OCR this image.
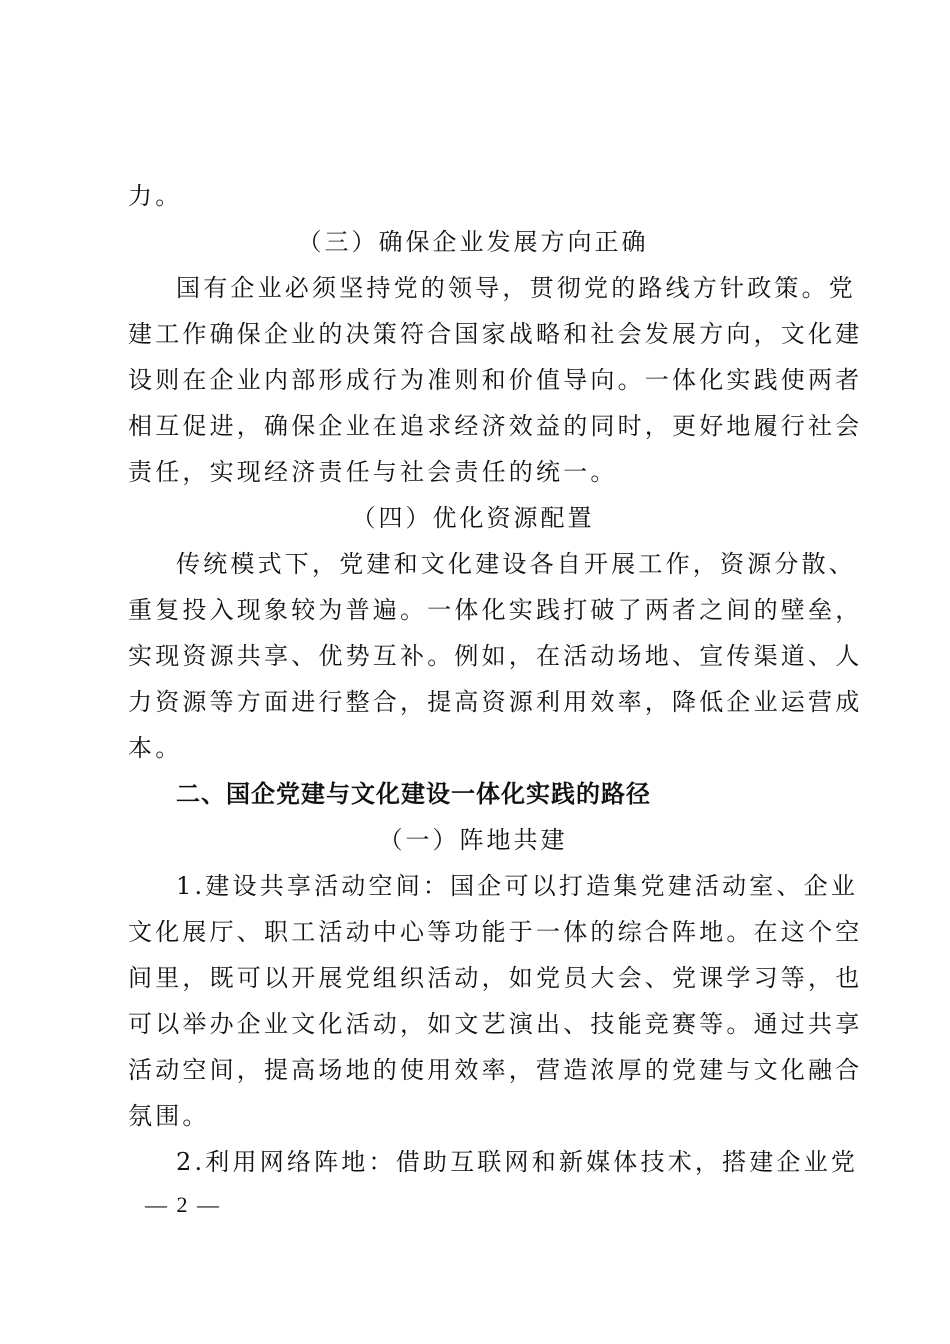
力。
（三）确保企业发展方向正确
国有企业必须坚持党的领导，贯彻党的路线方针政策。党
建工作确保企业的决策符合国家战略和社会发展方向，文化建
设则在企业内部形成行为准则和价值导向。一体化实践使两者
相互促进，确保企业在追求经济效益的同时，更好地履行社会
责任，实现经济责任与社会责任的统一。
（四）优化资源配置
传统模式下，党建和文化建设各自开展工作，资源分散、
重复投入现象较为普遍。一体化实践打破了两者之间的壁垒，
实现资源共享、优势互补。例如，在活动场地、宣传渠道、人
力资源等方面进行整合，提高资源利用效率，降低企业运营成
本。
二、国企党建与文化建设一体化实践的路径
（一）阵地共建
1.建设共享活动空间：国企可以打造集党建活动室、企业
文化展厅、职工活动中心等功能于一体的综合阵地。在这个空
间里，既可以开展党组织活动，如党员大会、党课学习等，也
可以举办企业文化活动，如文艺演出、技能竞赛等。通过共享
活动空间，提高场地的使用效率，营造浓厚的党建与文化融合
氛围。
2.利用网络阵地：借助互联网和新媒体技术，搭建企业党
— 2 —
